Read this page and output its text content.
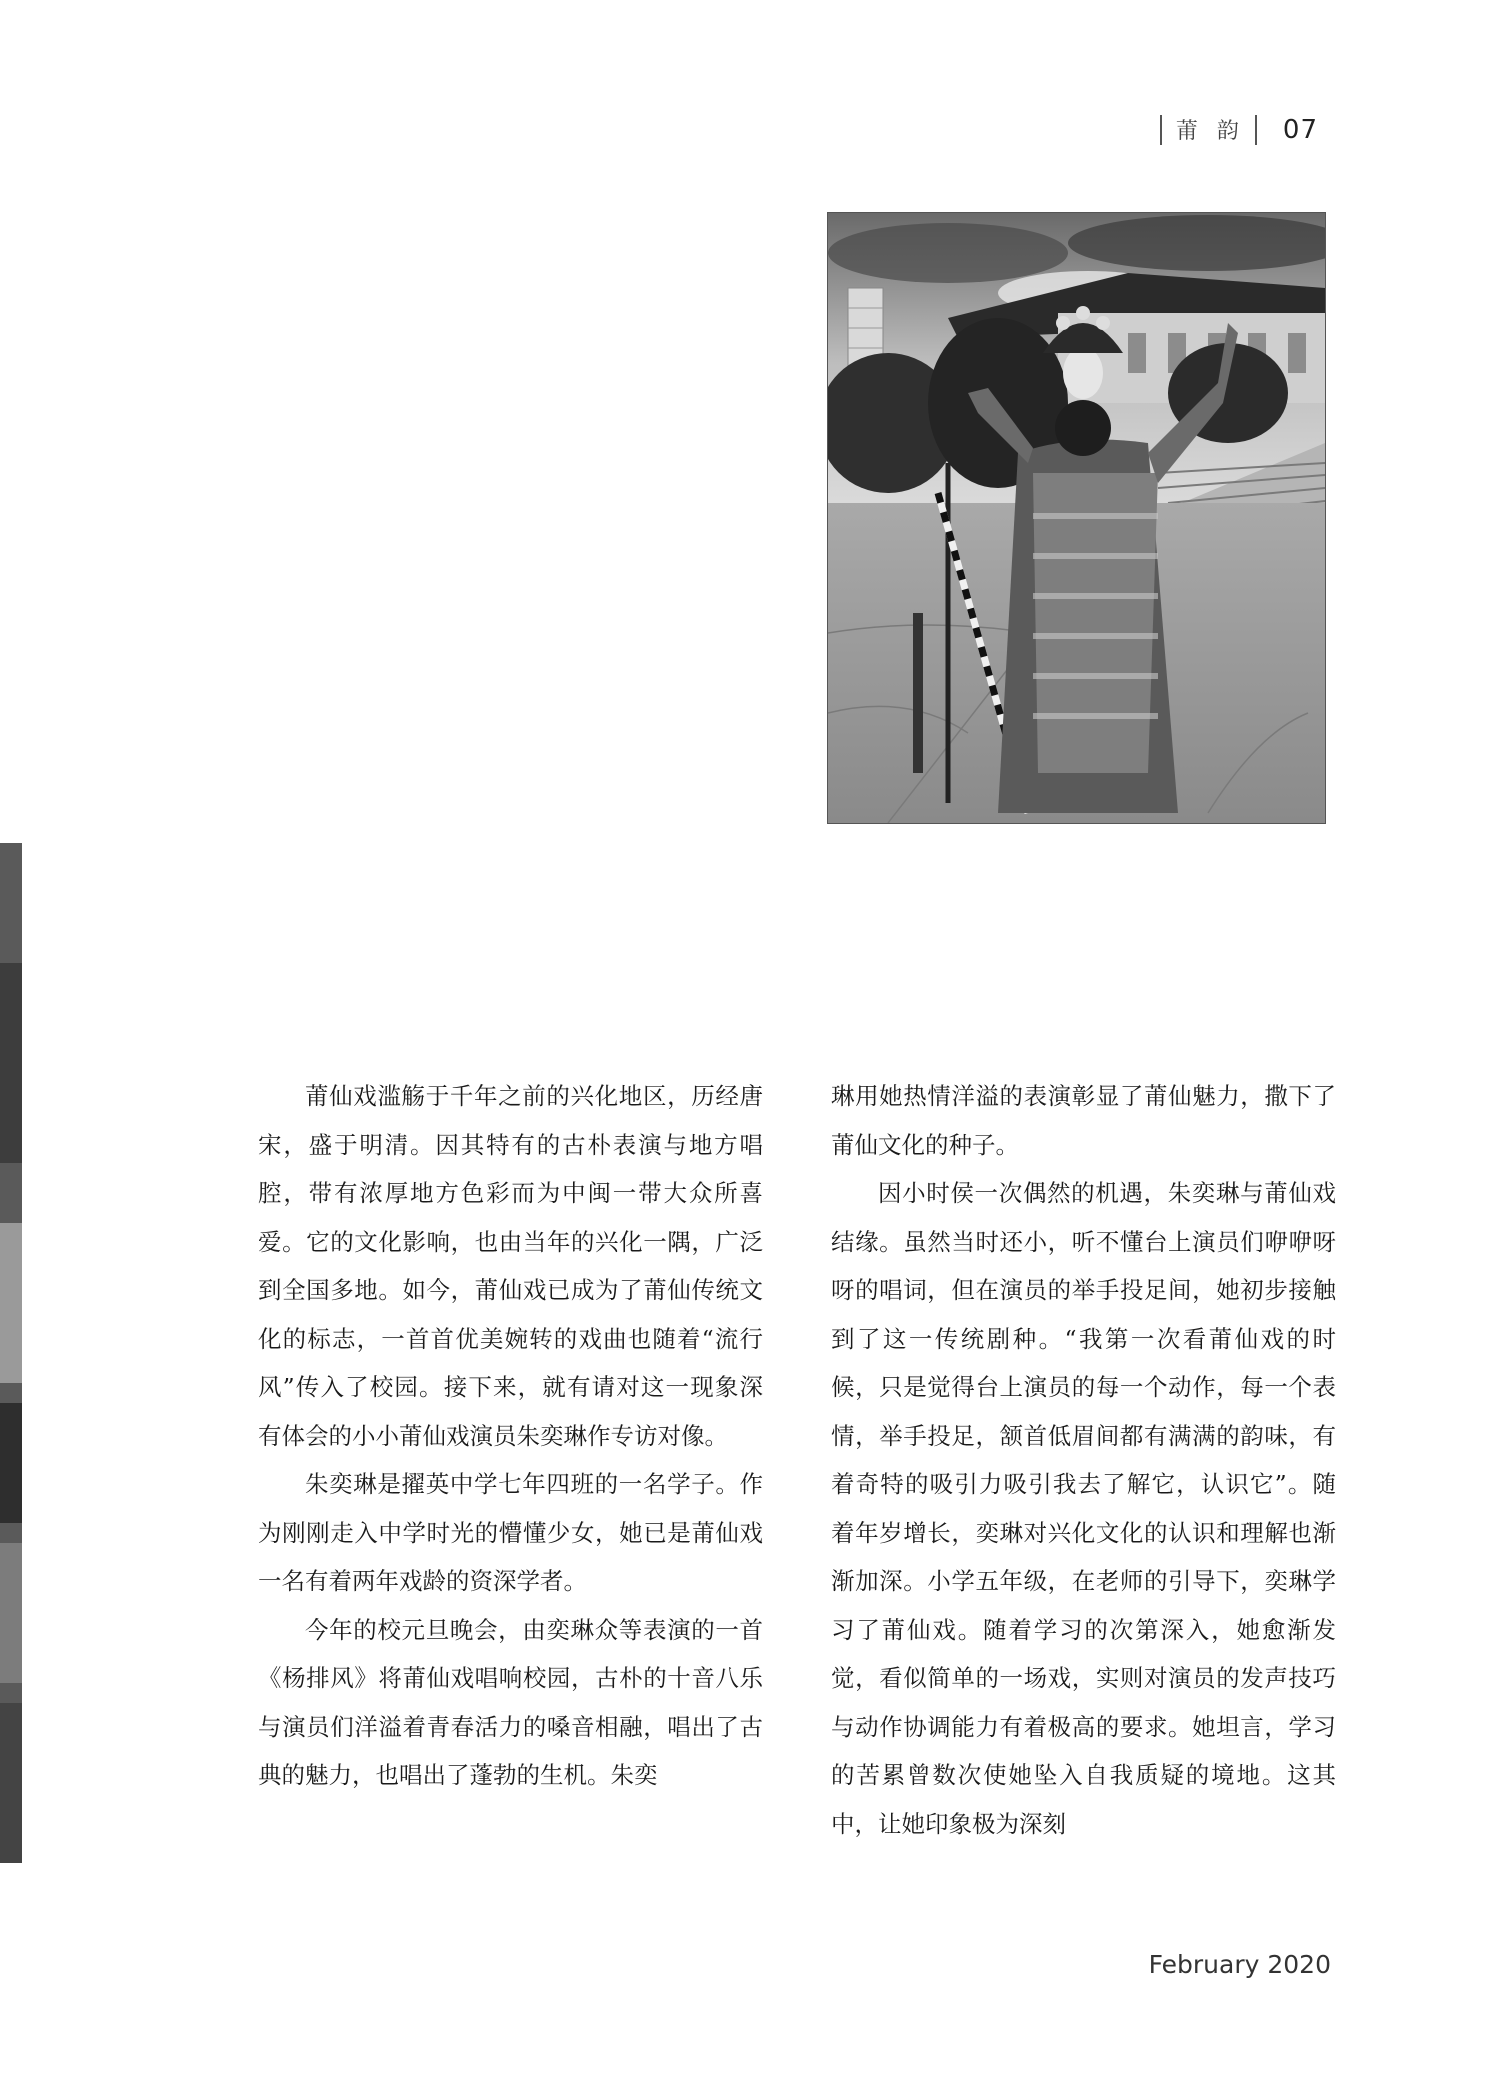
莆 韵	07

莆仙戏滥觞于千年之前的兴化地区，历经唐宋，盛于明清。因其特有的古朴表演与地方唱腔，带有浓厚地方色彩而为中闽一带大众所喜爱。它的文化影响，也由当年的兴化一隅，广泛到全国多地。如今，莆仙戏已成为了莆仙传统文化的标志，一首首优美婉转的戏曲也随着“流行风”传入了校园。接下来，就有请对这一现象深有体会的小小莆仙戏演员朱奕琳作专访对像。

朱奕琳是擢英中学七年四班的一名学子。作为刚刚走入中学时光的懵懂少女，她已是莆仙戏一名有着两年戏龄的资深学者。

今年的校元旦晚会，由奕琳众等表演的一首《杨排风》将莆仙戏唱响校园，古朴的十音八乐与演员们洋溢着青春活力的嗓音相融，唱出了古典的魅力，也唱出了蓬勃的生机。朱奕

琳用她热情洋溢的表演彰显了莆仙魅力，撒下了莆仙文化的种子。

因小时侯一次偶然的机遇，朱奕琳与莆仙戏结缘。虽然当时还小，听不懂台上演员们咿咿呀呀的唱词，但在演员的举手投足间，她初步接触到了这一传统剧种。“我第一次看莆仙戏的时候，只是觉得台上演员的每一个动作，每一个表情，举手投足，颔首低眉间都有满满的韵味，有着奇特的吸引力吸引我去了解它，认识它”。随着年岁增长，奕琳对兴化文化的认识和理解也渐渐加深。小学五年级，在老师的引导下，奕琳学习了莆仙戏。随着学习的次第深入，她愈渐发觉，看似简单的一场戏，实则对演员的发声技巧与动作协调能力有着极高的要求。她坦言，学习的苦累曾数次使她坠入自我质疑的境地。这其中，让她印象极为深刻

February 2020
